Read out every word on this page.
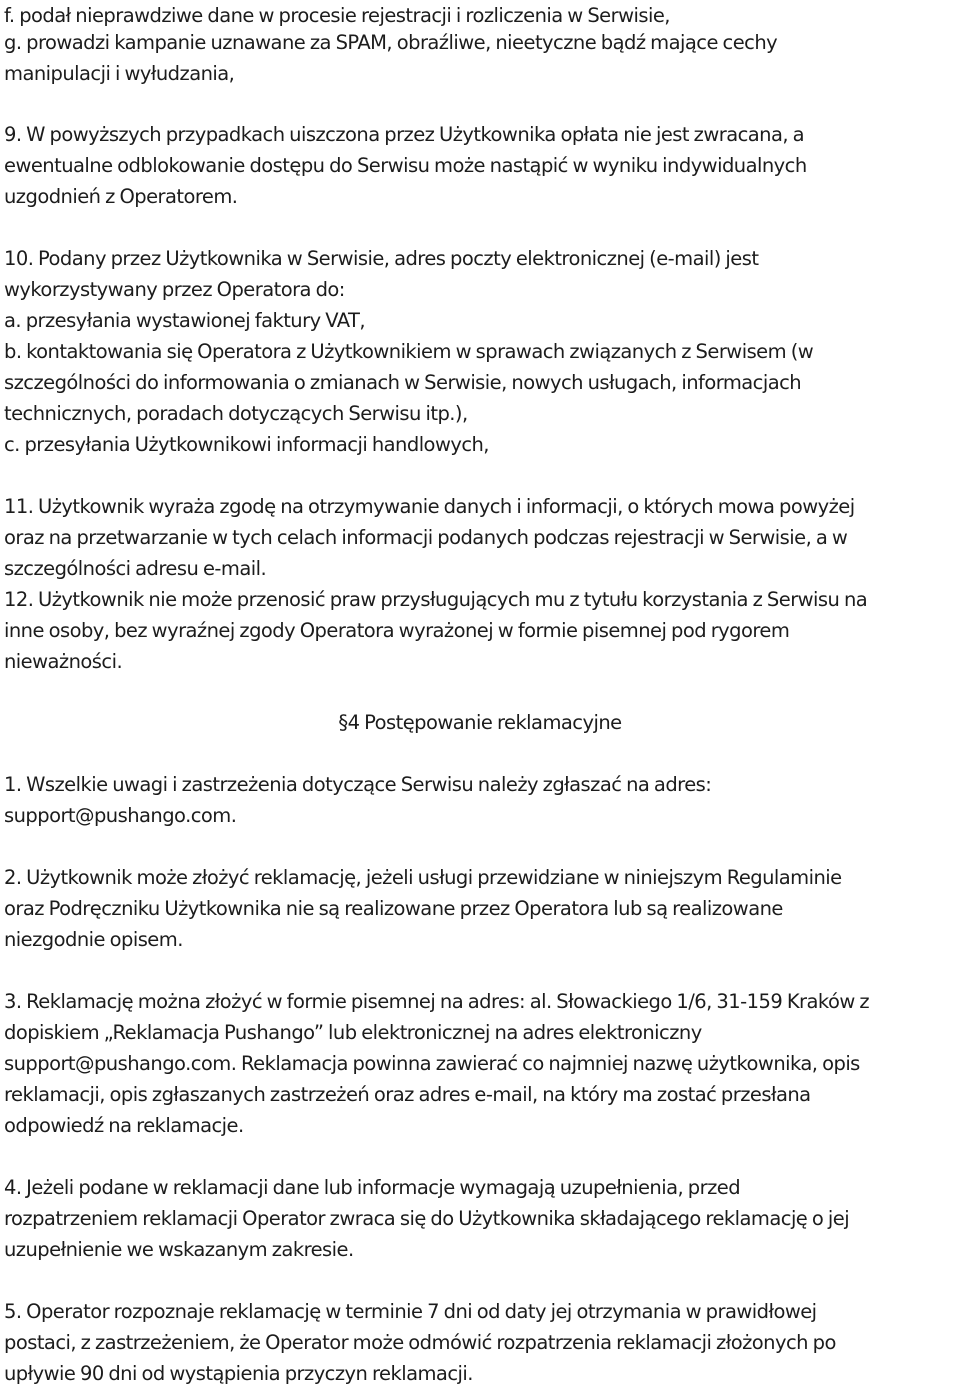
f. podał nieprawdziwe dane w procesie rejestracji i rozliczenia w Serwisie,
g. prowadzi kampanie uznawane za SPAM, obraźliwe, nieetyczne bądź mające cechy
manipulacji i wyłudzania,
9. W powyższych przypadkach uiszczona przez Użytkownika opłata nie jest zwracana, a
ewentualne odblokowanie dostępu do Serwisu może nastąpić w wyniku indywidualnych
uzgodnień z Operatorem.
10. Podany przez Użytkownika w Serwisie, adres poczty elektronicznej (e-mail) jest
wykorzystywany przez Operatora do:
a. przesyłania wystawionej faktury VAT,
b. kontaktowania się Operatora z Użytkownikiem w sprawach związanych z Serwisem (w
szczególności do informowania o zmianach w Serwisie, nowych usługach, informacjach
technicznych, poradach dotyczących Serwisu itp.),
c. przesyłania Użytkownikowi informacji handlowych,
11. Użytkownik wyraża zgodę na otrzymywanie danych i informacji, o których mowa powyżej
oraz na przetwarzanie w tych celach informacji podanych podczas rejestracji w Serwisie, a w
szczególności adresu e-mail.
12. Użytkownik nie może przenosić praw przysługujących mu z tytułu korzystania z Serwisu na
inne osoby, bez wyraźnej zgody Operatora wyrażonej w formie pisemnej pod rygorem
nieważności.
§4 Postępowanie reklamacyjne
1. Wszelkie uwagi i zastrzeżenia dotyczące Serwisu należy zgłaszać na adres:
support@pushango.com.
2. Użytkownik może złożyć reklamację, jeżeli usługi przewidziane w niniejszym Regulaminie
oraz Podręczniku Użytkownika nie są realizowane przez Operatora lub są realizowane
niezgodnie opisem.
3. Reklamację można złożyć w formie pisemnej na adres: al. Słowackiego 1/6, 31-159 Kraków z
dopiskiem „Reklamacja Pushango” lub elektronicznej na adres elektroniczny
support@pushango.com. Reklamacja powinna zawierać co najmniej nazwę użytkownika, opis
reklamacji, opis zgłaszanych zastrzeżeń oraz adres e-mail, na który ma zostać przesłana
odpowiedź na reklamacje.
4. Jeżeli podane w reklamacji dane lub informacje wymagają uzupełnienia, przed
rozpatrzeniem reklamacji Operator zwraca się do Użytkownika składającego reklamację o jej
uzupełnienie we wskazanym zakresie.
5. Operator rozpoznaje reklamację w terminie 7 dni od daty jej otrzymania w prawidłowej
postaci, z zastrzeżeniem, że Operator może odmówić rozpatrzenia reklamacji złożonych po
upływie 90 dni od wystąpienia przyczyn reklamacji.
